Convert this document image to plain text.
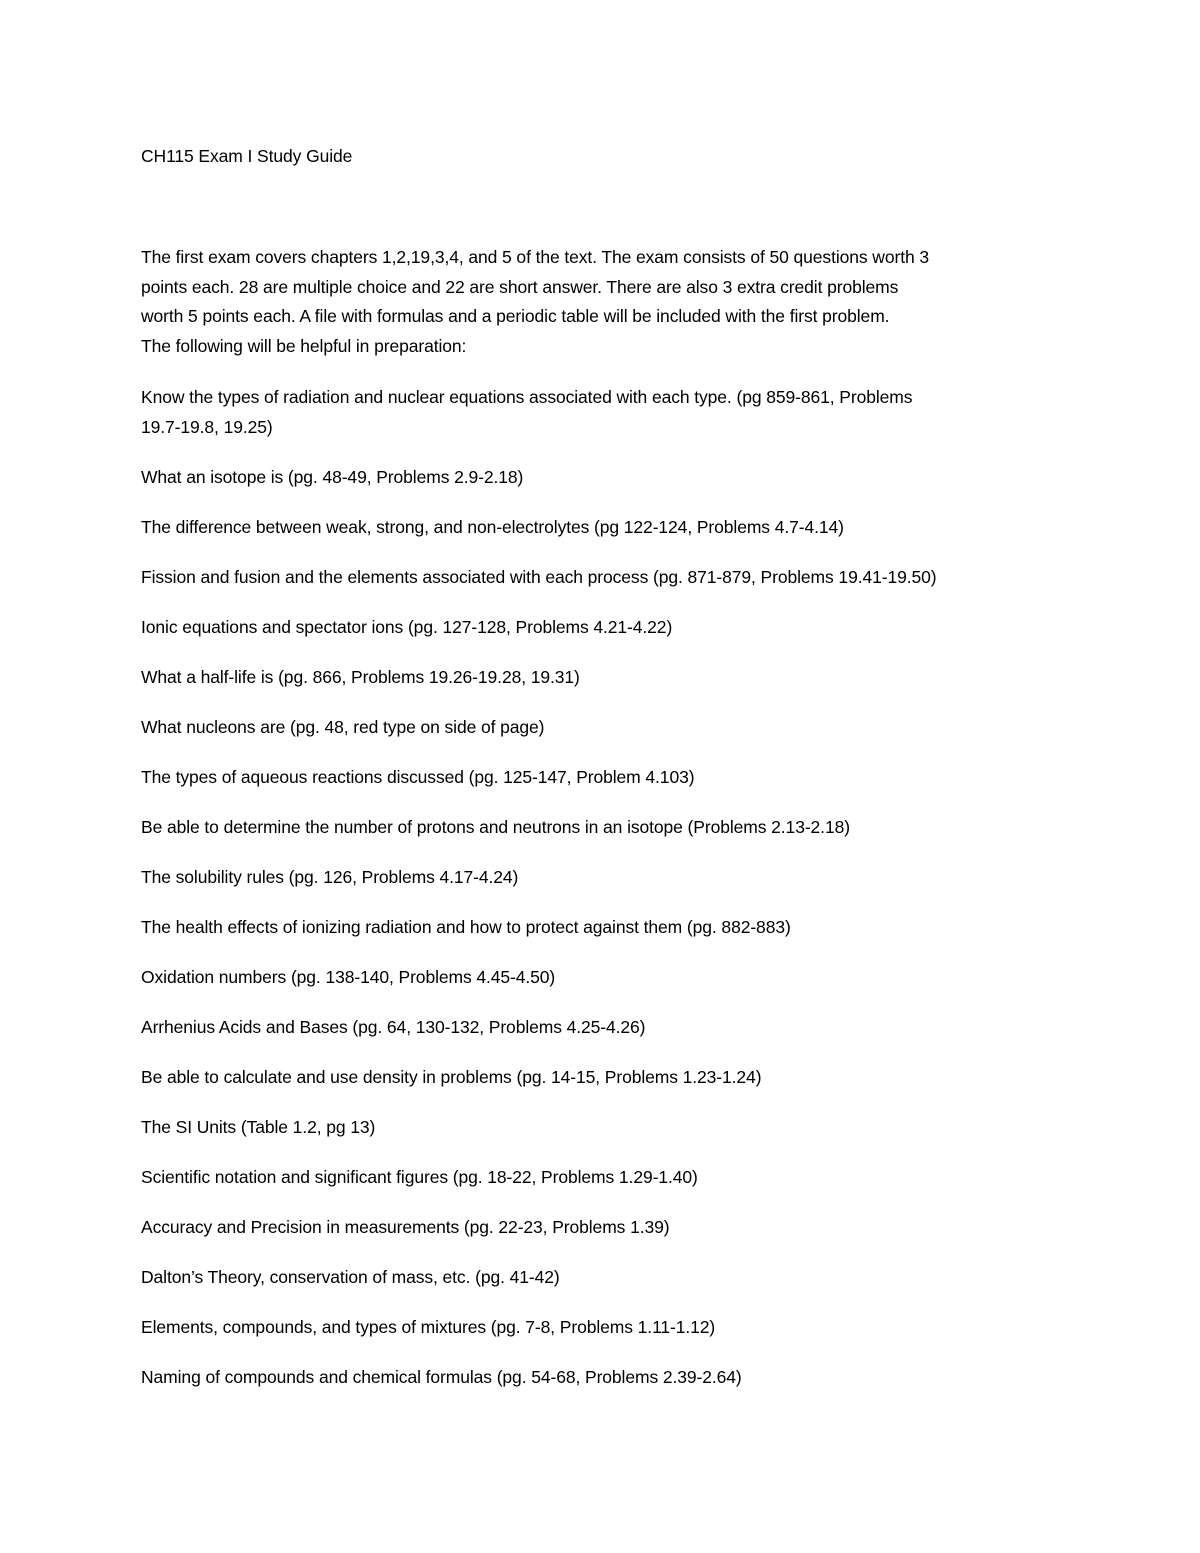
CH115 Exam I Study Guide

The first exam covers chapters 1,2,19,3,4, and 5 of the text. The exam consists of 50 questions worth 3
points each. 28 are multiple choice and 22 are short answer. There are also 3 extra credit problems
worth 5 points each. A file with formulas and a periodic table will be included with the first problem.
The following will be helpful in preparation:

Know the types of radiation and nuclear equations associated with each type. (pg 859-861, Problems
19.7-19.8, 19.25)
What an isotope is (pg. 48-49, Problems 2.9-2.18)
The difference between weak, strong, and non-electrolytes (pg 122-124, Problems 4.7-4.14)
Fission and fusion and the elements associated with each process (pg. 871-879, Problems 19.41-19.50)
Ionic equations and spectator ions (pg. 127-128, Problems 4.21-4.22)
What a half-life is (pg. 866, Problems 19.26-19.28, 19.31)
What nucleons are (pg. 48, red type on side of page)
The types of aqueous reactions discussed (pg. 125-147, Problem 4.103)
Be able to determine the number of protons and neutrons in an isotope (Problems 2.13-2.18)
The solubility rules (pg. 126, Problems 4.17-4.24)
The health effects of ionizing radiation and how to protect against them (pg. 882-883)
Oxidation numbers (pg. 138-140, Problems 4.45-4.50)
Arrhenius Acids and Bases (pg. 64, 130-132, Problems 4.25-4.26)
Be able to calculate and use density in problems (pg. 14-15, Problems 1.23-1.24)
The SI Units (Table 1.2, pg 13)
Scientific notation and significant figures (pg. 18-22, Problems 1.29-1.40)
Accuracy and Precision in measurements (pg. 22-23, Problems 1.39)
Dalton’s Theory, conservation of mass, etc. (pg. 41-42)
Elements, compounds, and types of mixtures (pg. 7-8, Problems 1.11-1.12)
Naming of compounds and chemical formulas (pg. 54-68, Problems 2.39-2.64)
